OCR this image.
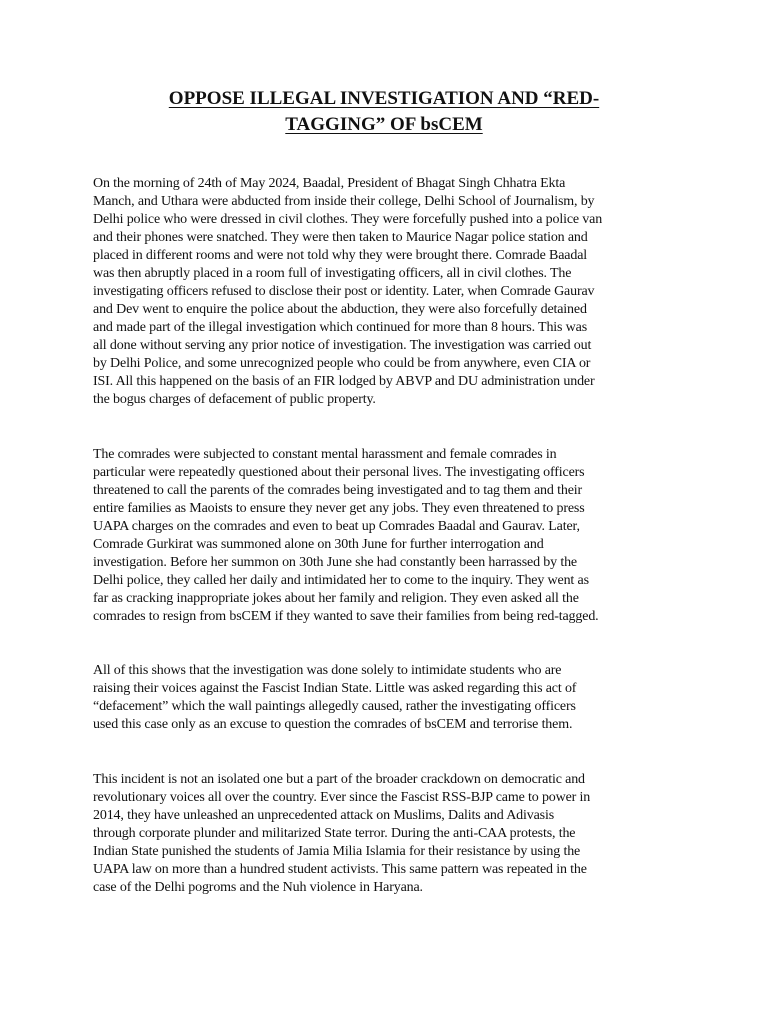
OPPOSE ILLEGAL INVESTIGATION AND “RED-
TAGGING” OF bsCEM
On the morning of 24th of May 2024, Baadal, President of Bhagat Singh Chhatra Ekta
Manch, and Uthara were abducted from inside their college, Delhi School of Journalism, by
Delhi police who were dressed in civil clothes. They were forcefully pushed into a police van
and their phones were snatched. They were then taken to Maurice Nagar police station and
placed in different rooms and were not told why they were brought there. Comrade Baadal
was then abruptly placed in a room full of investigating officers, all in civil clothes. The
investigating officers refused to disclose their post or identity. Later, when Comrade Gaurav
and Dev went to enquire the police about the abduction, they were also forcefully detained
and made part of the illegal investigation which continued for more than 8 hours. This was
all done without serving any prior notice of investigation. The investigation was carried out
by Delhi Police, and some unrecognized people who could be from anywhere, even CIA or
ISI. All this happened on the basis of an FIR lodged by ABVP and DU administration under
the bogus charges of defacement of public property.
The comrades were subjected to constant mental harassment and female comrades in
particular were repeatedly questioned about their personal lives. The investigating officers
threatened to call the parents of the comrades being investigated and to tag them and their
entire families as Maoists to ensure they never get any jobs. They even threatened to press
UAPA charges on the comrades and even to beat up Comrades Baadal and Gaurav. Later,
Comrade Gurkirat was summoned alone on 30th June for further interrogation and
investigation. Before her summon on 30th June she had constantly been harrassed by the
Delhi police, they called her daily and intimidated her to come to the inquiry. They went as
far as cracking inappropriate jokes about her family and religion. They even asked all the
comrades to resign from bsCEM if they wanted to save their families from being red-tagged.
All of this shows that the investigation was done solely to intimidate students who are
raising their voices against the Fascist Indian State. Little was asked regarding this act of
“defacement” which the wall paintings allegedly caused, rather the investigating officers
used this case only as an excuse to question the comrades of bsCEM and terrorise them.
This incident is not an isolated one but a part of the broader crackdown on democratic and
revolutionary voices all over the country. Ever since the Fascist RSS-BJP came to power in
2014, they have unleashed an unprecedented attack on Muslims, Dalits and Adivasis
through corporate plunder and militarized State terror. During the anti-CAA protests, the
Indian State punished the students of Jamia Milia Islamia for their resistance by using the
UAPA law on more than a hundred student activists. This same pattern was repeated in the
case of the Delhi pogroms and the Nuh violence in Haryana.
